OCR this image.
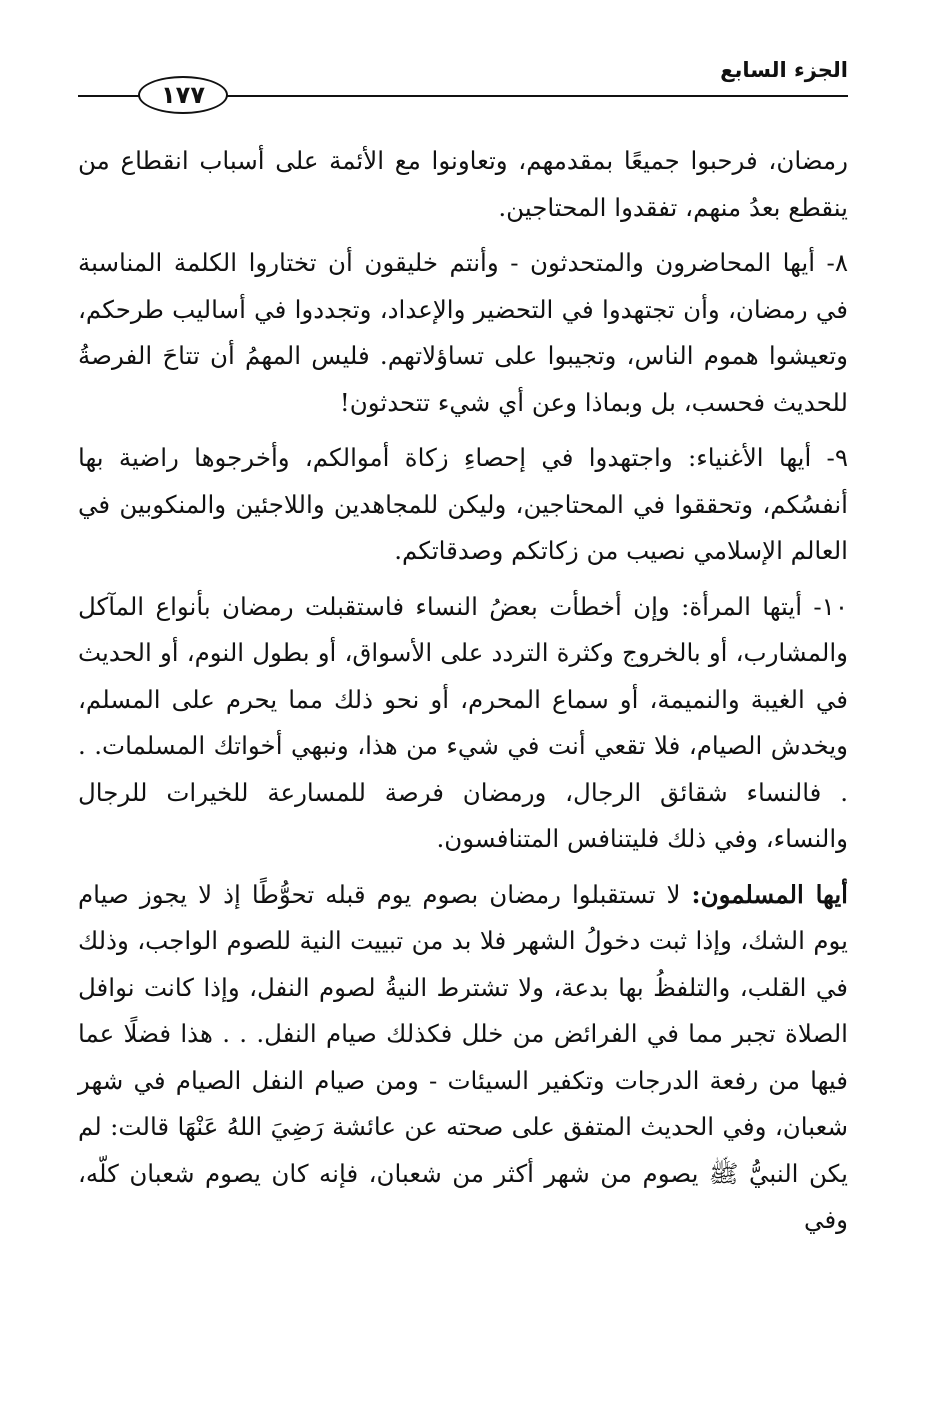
١٧٧
الجزء السابع

رمضان، فرحبوا جميعًا بمقدمهم، وتعاونوا مع الأئمة على أسباب انقطاع من ينقطع بعدُ منهم، تفقدوا المحتاجين.

٨- أيها المحاضرون والمتحدثون - وأنتم خليقون أن تختاروا الكلمة المناسبة في رمضان، وأن تجتهدوا في التحضير والإعداد، وتجددوا في أساليب طرحكم، وتعيشوا هموم الناس، وتجيبوا على تساؤلاتهم. فليس المهمُ أن تتاحَ الفرصةُ للحديث فحسب، بل وبماذا وعن أي شيء تتحدثون!

٩- أيها الأغنياء: واجتهدوا في إحصاءِ زكاة أموالكم، وأخرجوها راضية بها أنفسُكم، وتحققوا في المحتاجين، وليكن للمجاهدين واللاجئين والمنكوبين في العالم الإسلامي نصيب من زكاتكم وصدقاتكم.

١٠- أيتها المرأة: وإن أخطأت بعضُ النساء فاستقبلت رمضان بأنواع المآكل والمشارب، أو بالخروج وكثرة التردد على الأسواق، أو بطول النوم، أو الحديث في الغيبة والنميمة، أو سماع المحرم، أو نحو ذلك مما يحرم على المسلم، ويخدش الصيام، فلا تقعي أنت في شيء من هذا، ونبهي أخواتك المسلمات. . . فالنساء شقائق الرجال، ورمضان فرصة للمسارعة للخيرات للرجال والنساء، وفي ذلك فليتنافس المتنافسون.

أيها المسلمون: لا تستقبلوا رمضان بصوم يوم قبله تحوُّطًا إذ لا يجوز صيام يوم الشك، وإذا ثبت دخولُ الشهر فلا بد من تبييت النية للصوم الواجب، وذلك في القلب، والتلفظُ بها بدعة، ولا تشترط النيةُ لصوم النفل، وإذا كانت نوافل الصلاة تجبر مما في الفرائض من خلل فكذلك صيام النفل. . . هذا فضلًا عما فيها من رفعة الدرجات وتكفير السيئات - ومن صيام النفل الصيام في شهر شعبان، وفي الحديث المتفق على صحته عن عائشة رَضِيَ اللهُ عَنْهَا قالت: لم يكن النبيُّ ﷺ يصوم من شهر أكثر من شعبان، فإنه كان يصوم شعبان كلّه، وفي
